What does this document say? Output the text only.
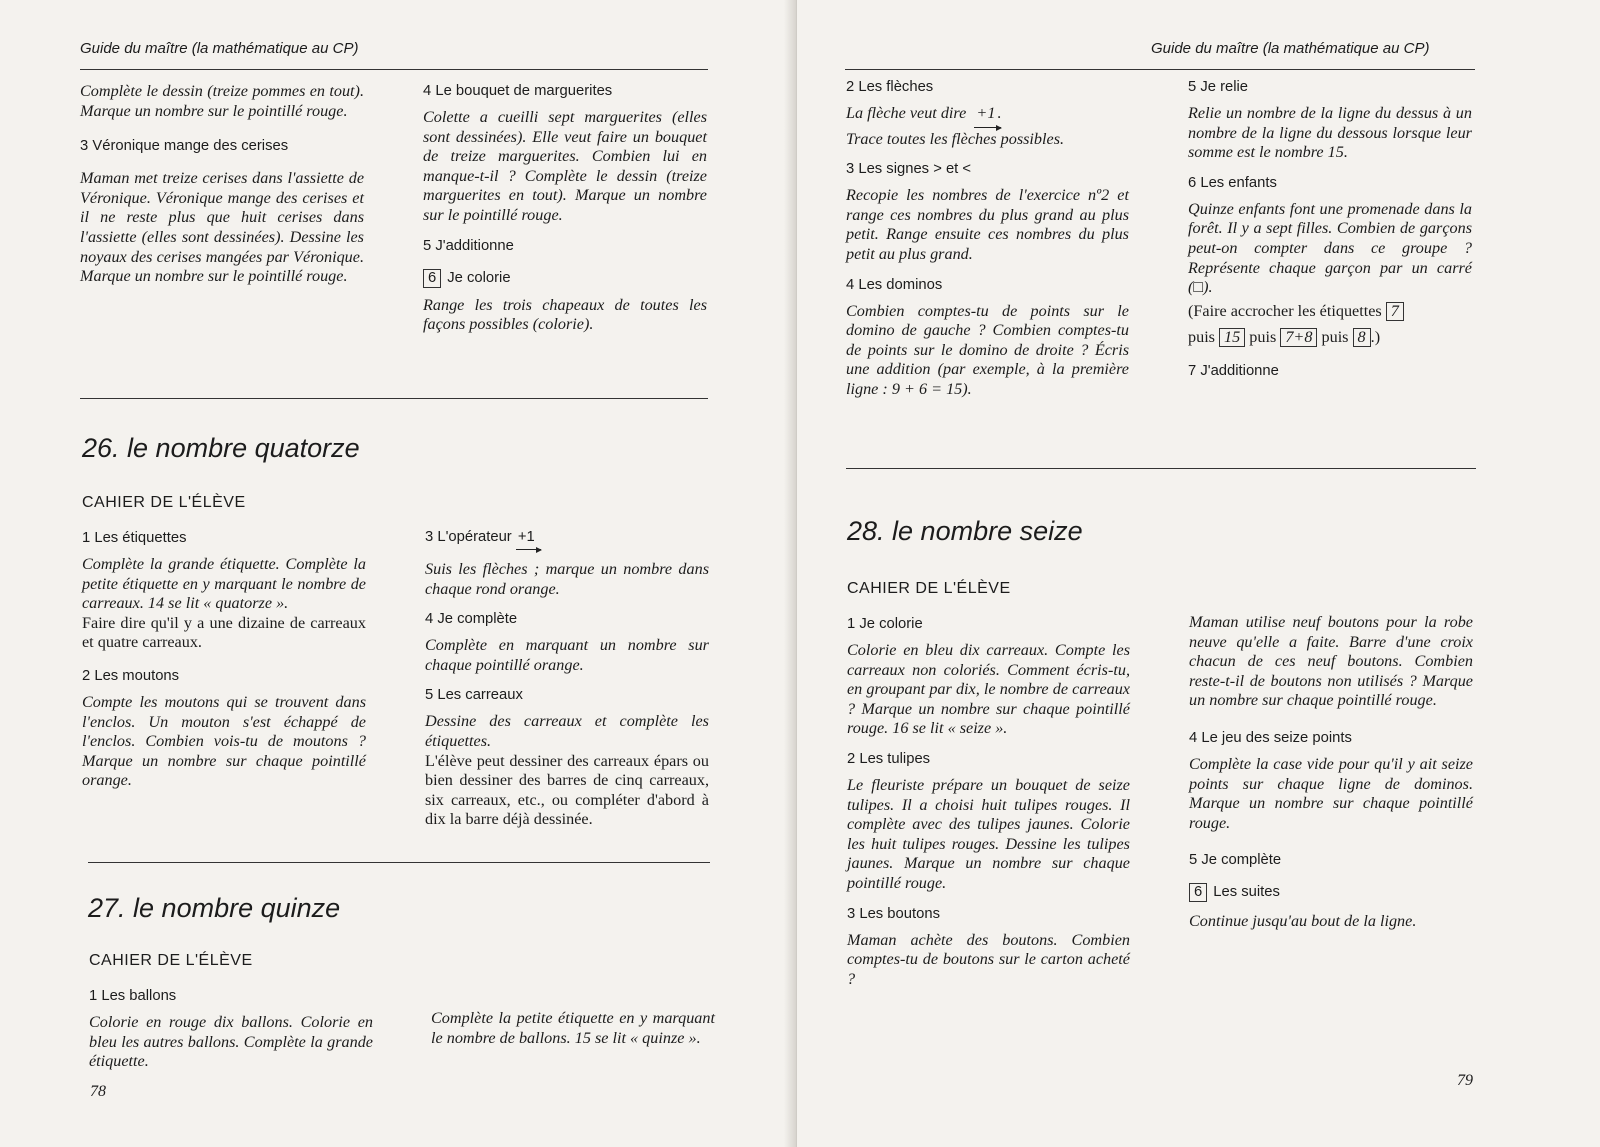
Guide du maître (la mathématique au CP)

Complète le dessin (treize pommes en tout). Marque un nombre sur le pointillé rouge.

3 Véronique mange des cerises

Maman met treize cerises dans l'assiette de Véronique. Véronique mange des cerises et il ne reste plus que huit cerises dans l'assiette (elles sont dessinées). Dessine les noyaux des cerises mangées par Véronique. Marque un nombre sur le pointillé rouge.

4 Le bouquet de marguerites

Colette a cueilli sept marguerites (elles sont dessinées). Elle veut faire un bouquet de treize marguerites. Combien lui en manque-t-il ? Complète le dessin (treize marguerites en tout). Marque un nombre sur le pointillé rouge.

5 J'additionne
6 Je colorie

Range les trois chapeaux de toutes les façons possibles (colorie).

26. le nombre quatorze
CAHIER DE L'ÉLÈVE
1 Les étiquettes

Complète la grande étiquette. Complète la petite étiquette en y marquant le nombre de carreaux. 14 se lit « quatorze ».

Faire dire qu'il y a une dizaine de carreaux et quatre carreaux.

2 Les moutons

Compte les moutons qui se trouvent dans l'enclos. Un mouton s'est échappé de l'enclos. Combien vois-tu de moutons ? Marque un nombre sur chaque pointillé orange.

3 L'opérateur +1

Suis les flèches ; marque un nombre dans chaque rond orange.

4 Je complète

Complète en marquant un nombre sur chaque pointillé orange.

5 Les carreaux

Dessine des carreaux et complète les étiquettes.

L'élève peut dessiner des carreaux épars ou bien dessiner des barres de cinq carreaux, six carreaux, etc., ou compléter d'abord à dix la barre déjà dessinée.

27. le nombre quinze
CAHIER DE L'ÉLÈVE
1 Les ballons

Colorie en rouge dix ballons. Colorie en bleu les autres ballons. Complète la grande étiquette.

Complète la petite étiquette en y marquant le nombre de ballons. 15 se lit « quinze ».

78
Guide du maître (la mathématique au CP)
2 Les flèches

La flèche veut dire +1 .

Trace toutes les flèches possibles.

3 Les signes > et <

Recopie les nombres de l'exercice nº2 et range ces nombres du plus grand au plus petit. Range ensuite ces nombres du plus petit au plus grand.

4 Les dominos

Combien comptes-tu de points sur le domino de gauche ? Combien comptes-tu de points sur le domino de droite ? Écris une addition (par exemple, à la première ligne : 9 + 6 = 15).

5 Je relie

Relie un nombre de la ligne du dessus à un nombre de la ligne du dessous lorsque leur somme est le nombre 15.

6 Les enfants

Quinze enfants font une promenade dans la forêt. Il y a sept filles. Combien de garçons peut-on compter dans ce groupe ? Représente chaque garçon par un carré (□).

(Faire accrocher les étiquettes 7
puis 15 puis 7+8 puis 8 .)

7 J'additionne
28. le nombre seize
CAHIER DE L'ÉLÈVE
1 Je colorie

Colorie en bleu dix carreaux. Compte les carreaux non coloriés. Comment écris-tu, en groupant par dix, le nombre de carreaux ? Marque un nombre sur chaque pointillé rouge. 16 se lit « seize ».

2 Les tulipes

Le fleuriste prépare un bouquet de seize tulipes. Il a choisi huit tulipes rouges. Il complète avec des tulipes jaunes. Colorie les huit tulipes rouges. Dessine les tulipes jaunes. Marque un nombre sur chaque pointillé rouge.

3 Les boutons

Maman achète des boutons. Combien comptes-tu de boutons sur le carton acheté ?

Maman utilise neuf boutons pour la robe neuve qu'elle a faite. Barre d'une croix chacun de ces neuf boutons. Combien reste-t-il de boutons non utilisés ? Marque un nombre sur chaque pointillé rouge.

4 Le jeu des seize points

Complète la case vide pour qu'il y ait seize points sur chaque ligne de dominos. Marque un nombre sur chaque pointillé rouge.

5 Je complète
6 Les suites

Continue jusqu'au bout de la ligne.

79
